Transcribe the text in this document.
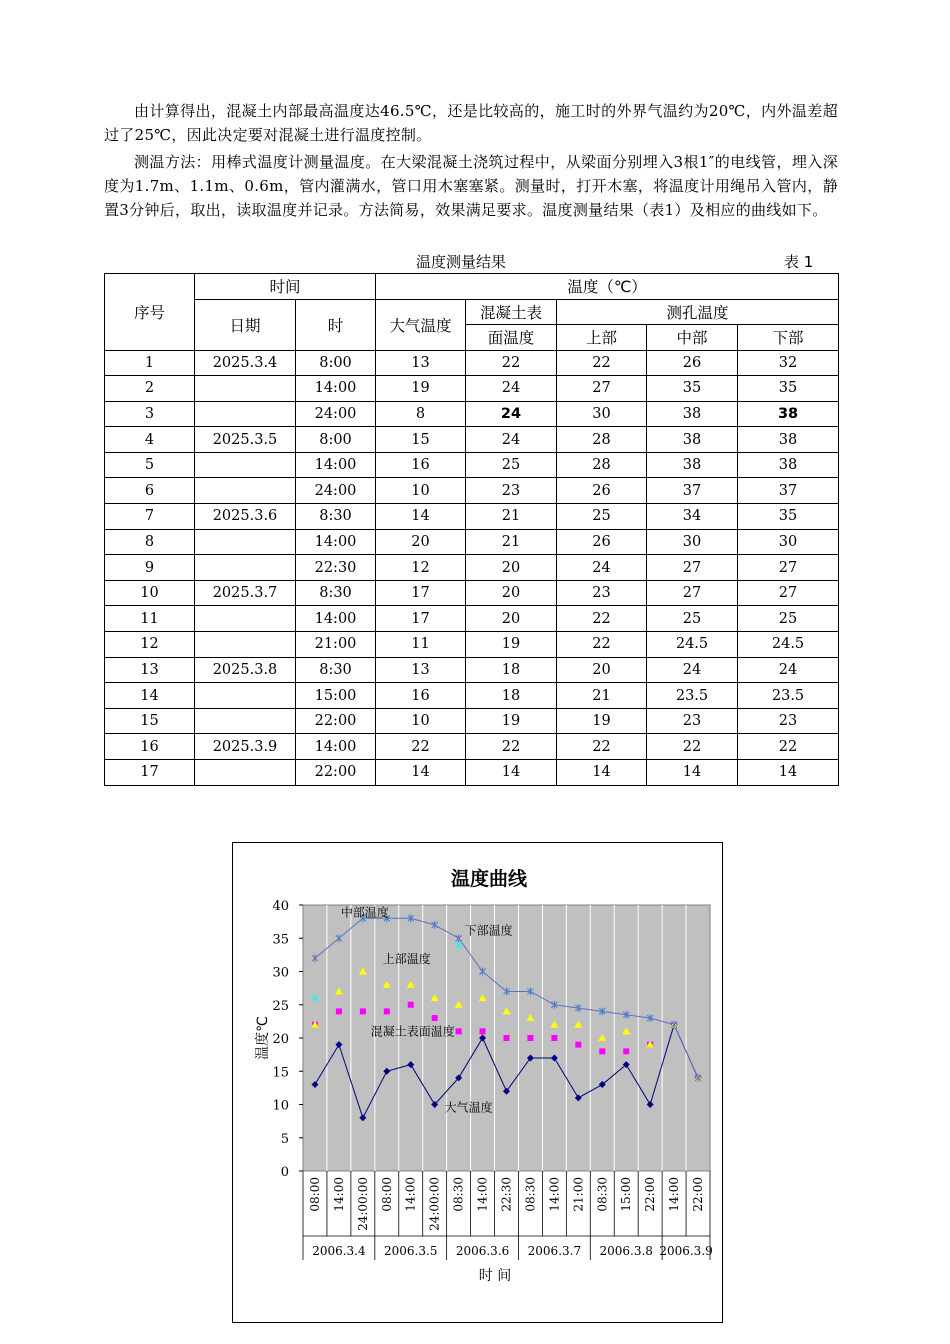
由计算得出，混凝土内部最高温度达46.5℃，还是比较高的，施工时的外界气温约为20℃，内外温差超过了25℃，因此决定要对混凝土进行温度控制。

测温方法：用棒式温度计测量温度。在大梁混凝土浇筑过程中，从梁面分别埋入3根1″的电线管，埋入深度为1.7m、1.1m、0.6m，管内灌满水，管口用木塞塞紧。测量时，打开木塞，将温度计用绳吊入管内，静置3分钟后，取出，读取温度并记录。方法简易，效果满足要求。温度测量结果（表1）及相应的曲线如下。

温度测量结果	表 1
序号	时间		温度（℃）				
	日期	时	大气温度	混凝土表	测孔温度		
				面温度	上部	中部	下部
1	2025.3.4	8:00	13	22	22	26	32
2		14:00	19	24	27	35	35
3		24:00	8	24	30	38	38
4	2025.3.5	8:00	15	24	28	38	38
5		14:00	16	25	28	38	38
6		24:00	10	23	26	37	37
7	2025.3.6	8:30	14	21	25	34	35
8		14:00	20	21	26	30	30
9		22:30	12	20	24	27	27
10	2025.3.7	8:30	17	20	23	27	27
11		14:00	17	20	22	25	25
12		21:00	11	19	22	24.5	24.5
13	2025.3.8	8:30	13	18	20	24	24
14		15:00	16	18	21	23.5	23.5
15		22:00	10	19	19	23	23
16	2025.3.9	14:00	22	22	22	22	22
17		22:00	14	14	14	14	14
温度曲线
0
5
10
15
20
25
30
35
40
温度℃
08:00 14:00 24:00:00 08:00 14:00 24:00:00 08:30 14:00 22:30 08:30 14:00 21:00 08:30 15:00 22:00 14:00 22:00
2006.3.4 2006.3.5 2006.3.6 2006.3.7 2006.3.8 2006.3.9
时 间
下部温度
中部温度
上部温度
混凝土表面温度
大气温度
